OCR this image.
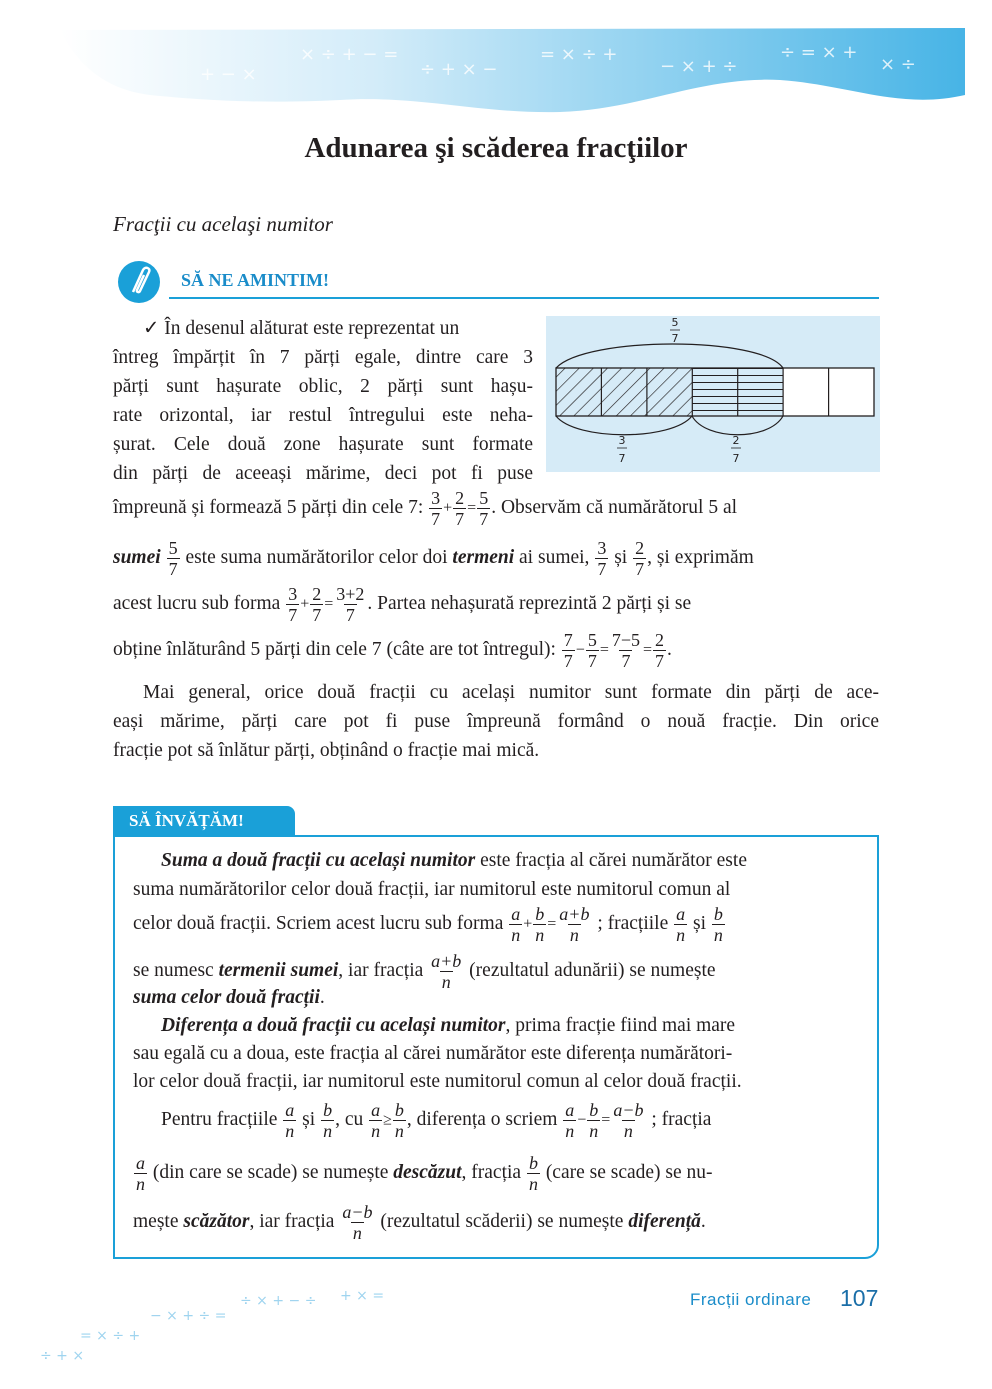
× ÷ + − =
÷ + × −
= × ÷ +
− × + ÷
÷ = × +
× ÷
+ − ×
Adunarea şi scăderea fracţiilor
Fracţii cu acelaşi numitor
SĂ NE AMINTIM!
✓ În desenul alăturat este reprezentat un
întreg împărțit în 7 părți egale, dintre care 3
părți sunt hașurate oblic, 2 părți sunt hașu-
rate orizontal, iar restul întregului este neha-
șurat. Cele două zone hașurate sunt formate
din părți de aceeași mărime, deci pot fi puse
5
7
3
7
2
7
împreună și formează 5 părți din cele 7: $\frac{3}{7} + \frac{2}{7} = \frac{5}{7}$ . Observăm că numărătorul 5 al
sumei $\frac{5}{7}$ este suma numărătorilor celor doi termeni ai sumei, $\frac{3}{7}$ și $\frac{2}{7}$ , și exprimăm
acest lucru sub forma $\frac{3}{7} + \frac{2}{7} = \frac{3+2}{7}$ . Partea nehașurată reprezintă 2 părți și se
obține înlăturând 5 părți din cele 7 (câte are tot întregul): $\frac{7}{7} - \frac{5}{7} = \frac{7-5}{7} = \frac{2}{7}$ .
Mai general, orice două fracții cu același numitor sunt formate din părți de ace-
eași mărime, părți care pot fi puse împreună formând o nouă fracție. Din orice
fracție pot să înlătur părți, obținând o fracție mai mică.
SĂ ÎNVĂȚĂM!
Suma a două fracții cu același numitor este fracția al cărei numărător este
suma numărătorilor celor două fracții, iar numitorul este numitorul comun al
celor două fracții. Scriem acest lucru sub forma $\frac{a}{n} + \frac{b}{n} = \frac{a+b}{n}$ ; fracțiile $\frac{a}{n}$ și $\frac{b}{n}$
se numesc termenii sumei, iar fracția $\frac{a+b}{n}$ (rezultatul adunării) se numește
suma celor două fracții.
Diferența a două fracții cu același numitor, prima fracție fiind mai mare
sau egală cu a doua, este fracția al cărei numărător este diferența numărători-
lor celor două fracții, iar numitorul este numitorul comun al celor două fracții.
Pentru fracțiile $\frac{a}{n}$ și $\frac{b}{n}$ , cu $\frac{a}{n} \ge \frac{b}{n}$ , diferența o scriem $\frac{a}{n} - \frac{b}{n} = \frac{a-b}{n}$ ; fracția
$\frac{a}{n} (din$ care se scade) se numește descăzut, fracția $\frac{b}{n}$ (care se scade) se nu-
mește scăzător, iar fracția $\frac{a-b}{n}$ (rezultatul scăderii) se numește diferență.
÷ + ×
= × ÷ +
− × + ÷ =
÷ × + − ÷ + × =	Fracții ordinare 107
